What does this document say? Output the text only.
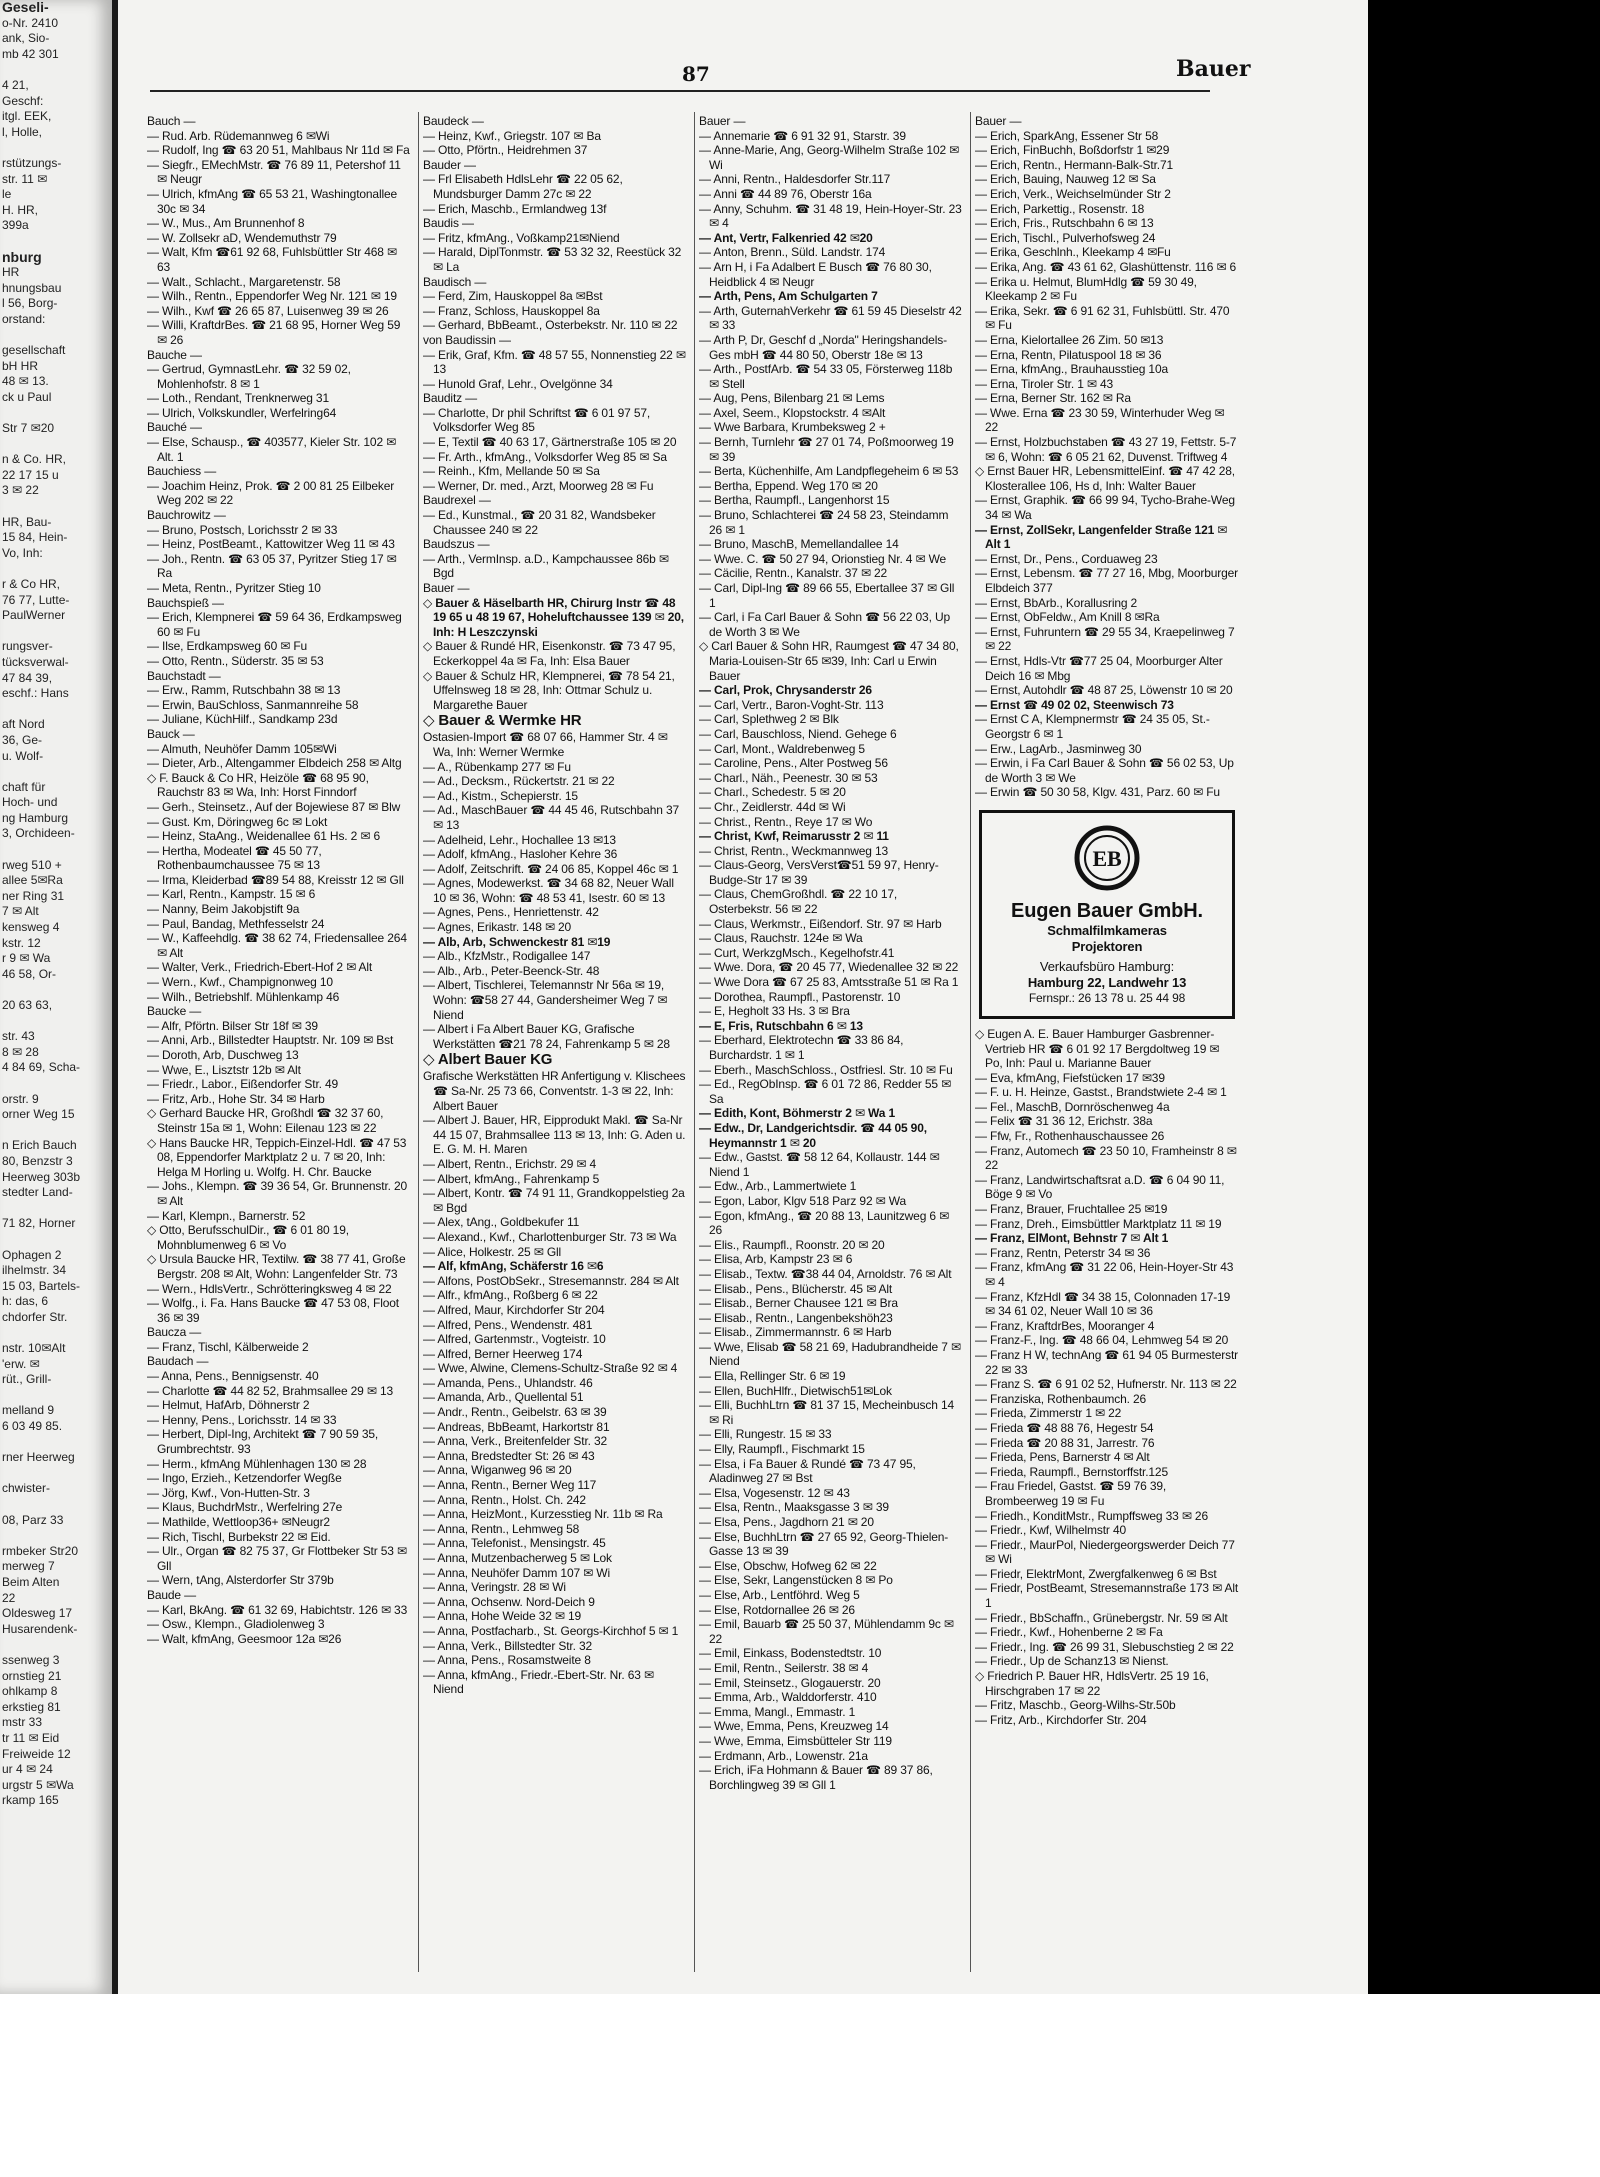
Geseli-
o-Nr. 2410
ank, Sio-
mb 42 301

4 21,
Geschf:
itgl. EEK,
l, Holle,

rstützungs-
str. 11 ✉
le
H. HR,
399a

nburg
HR
hnungsbau
l 56, Borg-
orstand:

gesellschaft
bH HR
48 ✉ 13.
ck u Paul

Str 7 ✉20

n & Co. HR,
22 17 15 u
3 ✉ 22

HR, Bau-
15 84, Hein-
Vo, Inh:

r & Co HR,
76 77, Lutte-
PaulWerner

rungsver-
tücksverwal-
47 84 39,
eschf.: Hans

aft Nord
36, Ge-
u. Wolf-

chaft für
Hoch- und
ng Hamburg
3, Orchideen-

rweg 510 +
allee 5✉Ra
ner Ring 31
7 ✉ Alt
kensweg 4
kstr. 12
r 9 ✉ Wa
46 58, Or-

20 63 63,

str. 43
8 ✉ 28
4 84 69, Scha-

orstr. 9
orner Weg 15

n Erich Bauch
80, Benzstr 3
Heerweg 303b
stedter Land-

71 82, Horner

Ophagen 2
ilhelmstr. 34
15 03, Bartels-
h: das, 6
chdorfer Str.

nstr. 10✉Alt
'erw. ✉
rüt., Grill-

melland 9
6 03 49 85.

rner Heerweg

chwister-

08, Parz 33

rmbeker Str20
merweg 7
Beim Alten
22
Oldesweg 17
Husarendenk-

ssenweg 3
ornstieg 21
ohlkamp 8
erkstieg 81
mstr 33
tr 11 ✉ Eid
Freiweide 12
ur 4 ✉ 24
urgstr 5 ✉Wa
rkamp 165
87	Bauer
Bauch —
— Rud. Arb. Rüdemannweg 6 ✉Wi
— Rudolf, Ing ☎ 63 20 51, Mahlbaus Nr 11d ✉ Fa
— Siegfr., EMechMstr. ☎ 76 89 11, Petershof 11 ✉ Neugr
— Ulrich, kfmAng ☎ 65 53 21, Washingtonallee 30c ✉ 34
— W., Mus., Am Brunnenhof 8
— W. Zollsekr aD, Wendemuthstr 79
— Walt, Kfm ☎61 92 68, Fuhlsbüttler Str 468 ✉ 63
— Walt., Schlacht., Margaretenstr. 58
— Wilh., Rentn., Eppendorfer Weg Nr. 121 ✉ 19
— Wilh., Kwf ☎ 26 65 87, Luisenweg 39 ✉ 26
— Willi, KraftdrBes. ☎ 21 68 95, Horner Weg 59 ✉ 26
Bauche —
— Gertrud, GymnastLehr. ☎ 32 59 02, Mohlenhofstr. 8 ✉ 1
— Loth., Rendant, Trenknerweg 31
— Ulrich, Volkskundler, Werfelring64
Bauché —
— Else, Schausp., ☎ 403577, Kieler Str. 102 ✉ Alt. 1
Bauchiess —
— Joachim Heinz, Prok. ☎ 2 00 81 25 Eilbeker Weg 202 ✉ 22
Bauchrowitz —
— Bruno, Postsch, Lorichsstr 2 ✉ 33
— Heinz, PostBeamt., Kattowitzer Weg 11 ✉ 43
— Joh., Rentn. ☎ 63 05 37, Pyritzer Stieg 17 ✉ Ra
— Meta, Rentn., Pyritzer Stieg 10
Bauchspieß —
— Erich, Klempnerei ☎ 59 64 36, Erdkampsweg 60 ✉ Fu
— Ilse, Erdkampsweg 60 ✉ Fu
— Otto, Rentn., Süderstr. 35 ✉ 53
Bauchstadt —
— Erw., Ramm, Rutschbahn 38 ✉ 13
— Erwin, BauSchloss, Sanmannreihe 58
— Juliane, KüchHilf., Sandkamp 23d
Bauck —
— Almuth, Neuhöfer Damm 105✉Wi
— Dieter, Arb., Altengammer Elbdeich 258 ✉ Altg
◇ F. Bauck & Co HR, Heizöle ☎ 68 95 90, Rauchstr 83 ✉ Wa, Inh: Horst Finndorf
— Gerh., Steinsetz., Auf der Bojewiese 87 ✉ Blw
— Gust. Km, Döringweg 6c ✉ Lokt
— Heinz, StaAng., Weidenallee 61 Hs. 2 ✉ 6
— Hertha, Modeatel ☎ 45 50 77, Rothenbaumchaussee 75 ✉ 13
— Irma, Kleiderbad ☎89 54 88, Kreisstr 12 ✉ Gll
— Karl, Rentn., Kampstr. 15 ✉ 6
— Nanny, Beim Jakobjstift 9a
— Paul, Bandag, Methfesselstr 24
— W., Kaffeehdlg. ☎ 38 62 74, Friedensallee 264 ✉ Alt
— Walter, Verk., Friedrich-Ebert-Hof 2 ✉ Alt
— Wern., Kwf., Champignonweg 10
— Wilh., Betriebshlf. Mühlenkamp 46
Baucke —
— Alfr, Pförtn. Bilser Str 18f ✉ 39
— Anni, Arb., Billstedter Hauptstr. Nr. 109 ✉ Bst
— Doroth, Arb, Duschweg 13
— Wwe, E., Lisztstr 12b ✉ Alt
— Friedr., Labor., Eißendorfer Str. 49
— Fritz, Arb., Hohe Str. 34 ✉ Harb
◇ Gerhard Baucke HR, Großhdl ☎ 32 37 60, Steinstr 15a ✉ 1, Wohn: Eilenau 123 ✉ 22
◇ Hans Baucke HR, Teppich-Einzel-Hdl. ☎ 47 53 08, Eppendorfer Marktplatz 2 u. 7 ✉ 20, Inh: Helga M Horling u. Wolfg. H. Chr. Baucke
— Johs., Klempn. ☎ 39 36 54, Gr. Brunnenstr. 20 ✉ Alt
— Karl, Klempn., Barnerstr. 52
◇ Otto, BerufsschulDir., ☎ 6 01 80 19, Mohnblumenweg 6 ✉ Vo
◇ Ursula Baucke HR, Textilw. ☎ 38 77 41, Große Bergstr. 208 ✉ Alt, Wohn: Langenfelder Str. 73
— Wern., HdlsVertr., Schrötteringksweg 4 ✉ 22
— Wolfg., i. Fa. Hans Baucke ☎ 47 53 08, Floot 36 ✉ 39
Baucza —
— Franz, Tischl, Kälberweide 2
Baudach —
— Anna, Pens., Bennigsenstr. 40
— Charlotte ☎ 44 82 52, Brahmsallee 29 ✉ 13
— Helmut, HafArb, Döhnerstr 2
— Henny, Pens., Lorichsstr. 14 ✉ 33
— Herbert, Dipl-Ing, Architekt ☎ 7 90 59 35, Grumbrechtstr. 93
— Herm., kfmAng Mühlenhagen 130 ✉ 28
— Ingo, Erzieh., Ketzendorfer Wegße
— Jörg, Kwf., Von-Hutten-Str. 3
— Klaus, BuchdrMstr., Werfelring 27e
— Mathilde, Wettloop36+ ✉Neugr2
— Rich, Tischl, Burbekstr 22 ✉ Eid.
— Ulr., Organ ☎ 82 75 37, Gr Flottbeker Str 53 ✉ Gll
— Wern, tAng, Alsterdorfer Str 379b
Baude —
— Karl, BkAng. ☎ 61 32 69, Habichtstr. 126 ✉ 33
— Osw., Klempn., Gladiolenweg 3
— Walt, kfmAng, Geesmoor 12a ✉26
Baudeck —
— Heinz, Kwf., Griegstr. 107 ✉ Ba
— Otto, Pförtn., Heidrehmen 37
Bauder —
— Frl Elisabeth HdlsLehr ☎ 22 05 62, Mundsburger Damm 27c ✉ 22
— Erich, Maschb., Ermlandweg 13f
Baudis —
— Fritz, kfmAng., Voßkamp21✉Niend
— Harald, DiplTonmstr. ☎ 53 32 32, Reestück 32 ✉ La
Baudisch —
— Ferd, Zim, Hauskoppel 8a ✉Bst
— Franz, Schloss, Hauskoppel 8a
— Gerhard, BbBeamt., Osterbekstr. Nr. 110 ✉ 22
von Baudissin —
— Erik, Graf, Kfm. ☎ 48 57 55, Nonnenstieg 22 ✉ 13
— Hunold Graf, Lehr., Ovelgönne 34
Bauditz —
— Charlotte, Dr phil Schriftst ☎ 6 01 97 57, Volksdorfer Weg 85
— E, Textil ☎ 40 63 17, Gärtnerstraße 105 ✉ 20
— Fr. Arth., kfmAng., Volksdorfer Weg 85 ✉ Sa
— Reinh., Kfm, Mellande 50 ✉ Sa
— Werner, Dr. med., Arzt, Moorweg 28 ✉ Fu
Baudrexel —
— Ed., Kunstmal., ☎ 20 31 82, Wandsbeker Chaussee 240 ✉ 22
Baudszus —
— Arth., VermInsp. a.D., Kampchaussee 86b ✉ Bgd
Bauer —
◇ Bauer & Häselbarth HR, Chirurg Instr ☎ 48 19 65 u 48 19 67, Hoheluftchaussee 139 ✉ 20, Inh: H Leszczynski
◇ Bauer & Rundé HR, Eisenkonstr. ☎ 73 47 95, Eckerkoppel 4a ✉ Fa, Inh: Elsa Bauer
◇ Bauer & Schulz HR, Klempnerei, ☎ 78 54 21, Uffelnsweg 18 ✉ 28, Inh: Ottmar Schulz u. Margarethe Bauer
◇ Bauer & Wermke HR
Ostasien-Import ☎ 68 07 66, Hammer Str. 4 ✉ Wa, Inh: Werner Wermke
— A., Rübenkamp 277 ✉ Fu
— Ad., Decksm., Rückertstr. 21 ✉ 22
— Ad., Kistm., Schepierstr. 15
— Ad., MaschBauer ☎ 44 45 46, Rutschbahn 37 ✉ 13
— Adelheid, Lehr., Hochallee 13 ✉13
— Adolf, kfmAng., Hasloher Kehre 36
— Adolf, Zeitschrift. ☎ 24 06 85, Koppel 46c ✉ 1
— Agnes, Modewerkst. ☎ 34 68 82, Neuer Wall 10 ✉ 36, Wohn: ☎ 48 53 41, Isestr. 60 ✉ 13
— Agnes, Pens., Henriettenstr. 42
— Agnes, Erikastr. 148 ✉ 20
— Alb, Arb, Schwenckestr 81 ✉19
— Alb., KfzMstr., Rodigallee 147
— Alb., Arb., Peter-Beenck-Str. 48
— Albert, Tischlerei, Telemannstr Nr 56a ✉ 19, Wohn: ☎58 27 44, Gandersheimer Weg 7 ✉ Niend
— Albert i Fa Albert Bauer KG, Grafische Werkstätten ☎21 78 24, Fahrenkamp 5 ✉ 28
◇ Albert Bauer KG
Grafische Werkstätten HR Anfertigung v. Klischees ☎ Sa-Nr. 25 73 66, Conventstr. 1-3 ✉ 22, Inh: Albert Bauer
— Albert J. Bauer, HR, Eipprodukt Makl. ☎ Sa-Nr 44 15 07, Brahmsallee 113 ✉ 13, Inh: G. Aden u. E. G. M. H. Maren
— Albert, Rentn., Erichstr. 29 ✉ 4
— Albert, kfmAng., Fahrenkamp 5
— Albert, Kontr. ☎ 74 91 11, Grandkoppelstieg 2a ✉ Bgd
— Alex, tAng., Goldbekufer 11
— Alexand., Kwf., Charlottenburger Str. 73 ✉ Wa
— Alice, Holkestr. 25 ✉ Gll
— Alf, kfmAng, Schäferstr 16 ✉6
— Alfons, PostObSekr., Stresemannstr. 284 ✉ Alt
— Alfr., kfmAng., Roßberg 6 ✉ 22
— Alfred, Maur, Kirchdorfer Str 204
— Alfred, Pens., Wendenstr. 481
— Alfred, Gartenmstr., Vogteistr. 10
— Alfred, Berner Heerweg 174
— Wwe, Alwine, Clemens-Schultz-Straße 92 ✉ 4
— Amanda, Pens., Uhlandstr. 46
— Amanda, Arb., Quellental 51
— Andr., Rentn., Geibelstr. 63 ✉ 39
— Andreas, BbBeamt, Harkortstr 81
— Anna, Verk., Breitenfelder Str. 32
— Anna, Bredstedter St: 26 ✉ 43
— Anna, Wiganweg 96 ✉ 20
— Anna, Rentn., Berner Weg 117
— Anna, Rentn., Holst. Ch. 242
— Anna, HeizMont., Kurzesstieg Nr. 11b ✉ Ra
— Anna, Rentn., Lehmweg 58
— Anna, Telefonist., Mensingstr. 45
— Anna, Mutzenbacherweg 5 ✉ Lok
— Anna, Neuhöfer Damm 107 ✉ Wi
— Anna, Veringstr. 28 ✉ Wi
— Anna, Ochsenw. Nord-Deich 9
— Anna, Hohe Weide 32 ✉ 19
— Anna, Postfacharb., St. Georgs-Kirchhof 5 ✉ 1
— Anna, Verk., Billstedter Str. 32
— Anna, Pens., Rosamstweite 8
— Anna, kfmAng., Friedr.-Ebert-Str. Nr. 63 ✉ Niend
Bauer —
— Annemarie ☎ 6 91 32 91, Starstr. 39
— Anne-Marie, Ang, Georg-Wilhelm Straße 102 ✉ Wi
— Anni, Rentn., Haldesdorfer Str.117
— Anni ☎ 44 89 76, Oberstr 16a
— Anny, Schuhm. ☎ 31 48 19, Hein-Hoyer-Str. 23 ✉ 4
— Ant, Vertr, Falkenried 42 ✉20
— Anton, Brenn., Süld. Landstr. 174
— Arn H, i Fa Adalbert E Busch ☎ 76 80 30, Heidblick 4 ✉ Neugr
— Arth, Pens, Am Schulgarten 7
— Arth, GuternahVerkehr ☎ 61 59 45 Dieselstr 42 ✉ 33
— Arth P, Dr, Geschf d „Norda" Heringshandels-Ges mbH ☎ 44 80 50, Oberstr 18e ✉ 13
— Arth., PostfArb. ☎ 54 33 05, Försterweg 118b ✉ Stell
— Aug, Pens, Bilenbarg 21 ✉ Lems
— Axel, Seem., Klopstockstr. 4 ✉Alt
— Wwe Barbara, Krumbeksweg 2 +
— Bernh, Turnlehr ☎ 27 01 74, Poßmoorweg 19 ✉ 39
— Berta, Küchenhilfe, Am Landpflegeheim 6 ✉ 53
— Bertha, Eppend. Weg 170 ✉ 20
— Bertha, Raumpfl., Langenhorst 15
— Bruno, Schlachterei ☎ 24 58 23, Steindamm 26 ✉ 1
— Bruno, MaschB, Memellandallee 14
— Wwe. C. ☎ 50 27 94, Orionstieg Nr. 4 ✉ We
— Cäcilie, Rentn., Kanalstr. 37 ✉ 22
— Carl, Dipl-Ing ☎ 89 66 55, Ebertallee 37 ✉ Gll 1
— Carl, i Fa Carl Bauer & Sohn ☎ 56 22 03, Up de Worth 3 ✉ We
◇ Carl Bauer & Sohn HR, Raumgest ☎ 47 34 80, Maria-Louisen-Str 65 ✉39, Inh: Carl u Erwin Bauer
— Carl, Prok, Chrysanderstr 26
— Carl, Vertr., Baron-Voght-Str. 113
— Carl, Splethweg 2 ✉ Blk
— Carl, Bauschloss, Niend. Gehege 6
— Carl, Mont., Waldrebenweg 5
— Caroline, Pens., Alter Postweg 56
— Charl., Näh., Peenestr. 30 ✉ 53
— Charl., Schedestr. 5 ✉ 20
— Chr., Zeidlerstr. 44d ✉ Wi
— Christ., Rentn., Reye 17 ✉ Wo
— Christ, Kwf, Reimarusstr 2 ✉ 11
— Christ, Rentn., Weckmannweg 13
— Claus-Georg, VersVerst☎51 59 97, Henry-Budge-Str 17 ✉ 39
— Claus, ChemGroßhdl. ☎ 22 10 17, Osterbekstr. 56 ✉ 22
— Claus, Werkmstr., Eißendorf. Str. 97 ✉ Harb
— Claus, Rauchstr. 124e ✉ Wa
— Curt, WerkzgMsch., Kegelhofstr.41
— Wwe. Dora, ☎ 20 45 77, Wiedenallee 32 ✉ 22
— Wwe Dora ☎ 67 25 83, Amtsstraße 51 ✉ Ra 1
— Dorothea, Raumpfl., Pastorenstr. 10
— E, Hegholt 33 Hs. 3 ✉ Bra
— E, Fris, Rutschbahn 6 ✉ 13
— Eberhard, Elektrotechn ☎ 33 86 84, Burchardstr. 1 ✉ 1
— Eberh., MaschSchloss., Ostfriesl. Str. 10 ✉ Fu
— Ed., RegObInsp. ☎ 6 01 72 86, Redder 55 ✉ Sa
— Edith, Kont, Böhmerstr 2 ✉ Wa 1
— Edw., Dr, Landgerichtsdir. ☎ 44 05 90, Heymannstr 1 ✉ 20
— Edw., Gastst. ☎ 58 12 64, Kollaustr. 144 ✉ Niend 1
— Edw., Arb., Lammertwiete 1
— Egon, Labor, Klgv 518 Parz 92 ✉ Wa
— Egon, kfmAng., ☎ 20 88 13, Launitzweg 6 ✉ 26
— Elis., Raumpfl., Roonstr. 20 ✉ 20
— Elisa, Arb, Kampstr 23 ✉ 6
— Elisab., Textw. ☎38 44 04, Arnoldstr. 76 ✉ Alt
— Elisab., Pens., Blücherstr. 45 ✉ Alt
— Elisab., Berner Chausee 121 ✉ Bra
— Elisab., Rentn., Langenbekshöh23
— Elisab., Zimmermannstr. 6 ✉ Harb
— Wwe, Elisab ☎ 58 21 69, Hadubrandheide 7 ✉ Niend
— Ella, Rellinger Str. 6 ✉ 19
— Ellen, BuchHlfr., Dietwisch51✉Lok
— Elli, BuchhLtrn ☎ 81 37 15, Mecheinbusch 14 ✉ Ri
— Elli, Rungestr. 15 ✉ 33
— Elly, Raumpfl., Fischmarkt 15
— Elsa, i Fa Bauer & Rundé ☎ 73 47 95, Aladinweg 27 ✉ Bst
— Elsa, Vogesenstr. 12 ✉ 43
— Elsa, Rentn., Maaksgasse 3 ✉ 39
— Elsa, Pens., Jagdhorn 21 ✉ 20
— Else, BuchhLtrn ☎ 27 65 92, Georg-Thielen-Gasse 13 ✉ 39
— Else, Obschw, Hofweg 62 ✉ 22
— Else, Sekr, Langenstücken 8 ✉ Po
— Else, Arb., Lentföhrd. Weg 5
— Else, Rotdornallee 26 ✉ 26
— Emil, Bauarb ☎ 25 50 37, Mühlendamm 9c ✉ 22
— Emil, Einkass, Bodenstedtstr. 10
— Emil, Rentn., Seilerstr. 38 ✉ 4
— Emil, Steinsetz., Glogauerstr. 20
— Emma, Arb., Walddorferstr. 410
— Emma, Mangl., Emmastr. 1
— Wwe, Emma, Pens, Kreuzweg 14
— Wwe, Emma, Eimsbütteler Str 119
— Erdmann, Arb., Lowenstr. 21a
— Erich, iFa Hohmann & Bauer ☎ 89 37 86, Borchlingweg 39 ✉ Gll 1
Bauer —
— Erich, SparkAng, Essener Str 58
— Erich, FinBuchh, Boßdorfstr 1 ✉29
— Erich, Rentn., Hermann-Balk-Str.71
— Erich, Bauing, Nauweg 12 ✉ Sa
— Erich, Verk., Weichselmünder Str 2
— Erich, Parkettig., Rosenstr. 18
— Erich, Fris., Rutschbahn 6 ✉ 13
— Erich, Tischl., Pulverhofsweg 24
— Erika, Geschlnh., Kleekamp 4 ✉Fu
— Erika, Ang. ☎ 43 61 62, Glashüttenstr. 116 ✉ 6
— Erika u. Helmut, BlumHdlg ☎ 59 30 49, Kleekamp 2 ✉ Fu
— Erika, Sekr. ☎ 6 91 62 31, Fuhlsbüttl. Str. 470 ✉ Fu
— Erna, Kielortallee 26 Zim. 50 ✉13
— Erna, Rentn, Pilatuspool 18 ✉ 36
— Erna, kfmAng., Brauhausstieg 10a
— Erna, Tiroler Str. 1 ✉ 43
— Erna, Berner Str. 162 ✉ Ra
— Wwe. Erna ☎ 23 30 59, Winterhuder Weg ✉ 22
— Ernst, Holzbuchstaben ☎ 43 27 19, Fettstr. 5-7 ✉ 6, Wohn: ☎ 6 05 21 62, Duvenst. Triftweg 4
◇ Ernst Bauer HR, LebensmittelEinf. ☎ 47 42 28, Klosterallee 106, Hs d, Inh: Walter Bauer
— Ernst, Graphik. ☎ 66 99 94, Tycho-Brahe-Weg 34 ✉ Wa
— Ernst, ZollSekr, Langenfelder Straße 121 ✉ Alt 1
— Ernst, Dr., Pens., Corduaweg 23
— Ernst, Lebensm. ☎ 77 27 16, Mbg, Moorburger Elbdeich 377
— Ernst, BbArb., Korallusring 2
— Ernst, ObFeldw., Am Knill 8 ✉Ra
— Ernst, Fuhruntern ☎ 29 55 34, Kraepelinweg 7 ✉ 22
— Ernst, Hdls-Vtr ☎77 25 04, Moorburger Alter Deich 16 ✉ Mbg
— Ernst, Autohdlr ☎ 48 87 25, Löwenstr 10 ✉ 20
— Ernst ☎ 49 02 02, Steenwisch 73
— Ernst C A, Klempnermstr ☎ 24 35 05, St.-Georgstr 6 ✉ 1
— Erw., LagArb., Jasminweg 30
— Erwin, i Fa Carl Bauer & Sohn ☎ 56 02 53, Up de Worth 3 ✉ We
— Erwin ☎ 50 30 58, Klgv. 431, Parz. 60 ✉ Fu
EB
Eugen Bauer GmbH.
Schmalfilmkameras
Projektoren
Verkaufsbüro Hamburg:
Hamburg 22, Landwehr 13
Fernspr.: 26 13 78 u. 25 44 98
◇ Eugen A. E. Bauer Hamburger Gasbrenner-Vertrieb HR ☎ 6 01 92 17 Bergdoltweg 19 ✉ Po, Inh: Paul u. Marianne Bauer
— Eva, kfmAng, Fiefstücken 17 ✉39
— F. u. H. Heinze, Gastst., Brandstwiete 2-4 ✉ 1
— Fel., MaschB, Dornröschenweg 4a
— Felix ☎ 31 36 12, Erichstr. 38a
— Ffw, Fr., Rothenhauschaussee 26
— Franz, Automech ☎ 23 50 10, Framheinstr 8 ✉ 22
— Franz, Landwirtschaftsrat a.D. ☎ 6 04 90 11, Böge 9 ✉ Vo
— Franz, Brauer, Fruchtallee 25 ✉19
— Franz, Dreh., Eimsbüttler Marktplatz 11 ✉ 19
— Franz, ElMont, Behnstr 7 ✉ Alt 1
— Franz, Rentn, Peterstr 34 ✉ 36
— Franz, kfmAng ☎ 31 22 06, Hein-Hoyer-Str 43 ✉ 4
— Franz, KfzHdl ☎ 34 38 15, Colonnaden 17-19 ✉ 34 61 02, Neuer Wall 10 ✉ 36
— Franz, KraftdrBes, Mooranger 4
— Franz-F., Ing. ☎ 48 66 04, Lehmweg 54 ✉ 20
— Franz H W, technAng ☎ 61 94 05 Burmesterstr 22 ✉ 33
— Franz S. ☎ 6 91 02 52, Hufnerstr. Nr. 113 ✉ 22
— Franziska, Rothenbaumch. 26
— Frieda, Zimmerstr 1 ✉ 22
— Frieda ☎ 48 88 76, Hegestr 54
— Frieda ☎ 20 88 31, Jarrestr. 76
— Frieda, Pens, Barnerstr 4 ✉ Alt
— Frieda, Raumpfl., Bernstorffstr.125
— Frau Friedel, Gastst. ☎ 59 76 39, Brombeerweg 19 ✉ Fu
— Friedh., KonditMstr., Rumpffsweg 33 ✉ 26
— Friedr., Kwf, Wilhelmstr 40
— Friedr., MaurPol, Niedergeorgswerder Deich 77 ✉ Wi
— Friedr, ElektrMont, Zwergfalkenweg 6 ✉ Bst
— Friedr, PostBeamt, Stresemannstraße 173 ✉ Alt 1
— Friedr., BbSchaffn., Grünebergstr. Nr. 59 ✉ Alt
— Friedr., Kwf., Hohenberne 2 ✉ Fa
— Friedr., Ing. ☎ 26 99 31, Slebuschstieg 2 ✉ 22
— Friedr., Up de Schanz13 ✉ Nienst.
◇ Friedrich P. Bauer HR, HdlsVertr. 25 19 16, Hirschgraben 17 ✉ 22
— Fritz, Maschb., Georg-Wilhs-Str.50b
— Fritz, Arb., Kirchdorfer Str. 204
